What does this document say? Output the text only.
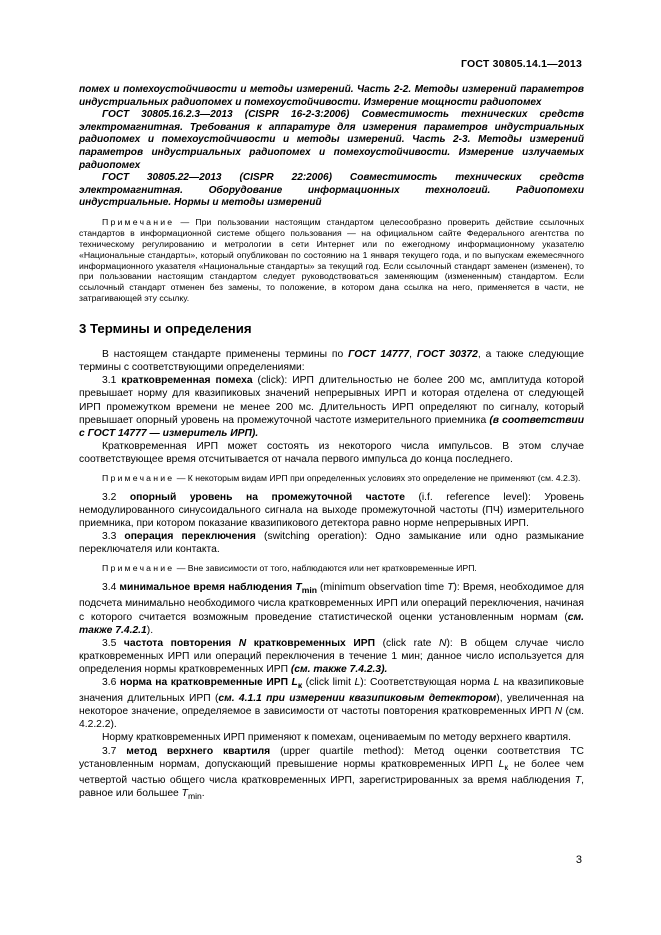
ГОСТ 30805.14.1—2013

помех и помехоустойчивости и методы измерений. Часть 2-2. Методы измерений параметров индустриальных радиопомех и помехоустойчивости. Измерение мощности радиопомех

ГОСТ 30805.16.2.3—2013 (CISPR 16-2-3:2006) Совместимость технических средств электромагнитная. Требования к аппаратуре для измерения параметров индустриальных радиопомех и помехоустойчивости и методы измерений. Часть 2-3. Методы измерений параметров индустриальных радиопомех и помехоустойчивости. Измерение излучаемых радиопомех

ГОСТ 30805.22—2013 (CISPR 22:2006) Совместимость технических средств электромагнитная. Оборудование информационных технологий. Радиопомехи индустриальные. Нормы и методы измерений

Примечание — При пользовании настоящим стандартом целесообразно проверить действие ссылочных стандартов в информационной системе общего пользования — на официальном сайте Федерального агентства по техническому регулированию и метрологии в сети Интернет или по ежегодному информационному указателю «Национальные стандарты», который опубликован по состоянию на 1 января текущего года, и по выпускам ежемесячного информационного указателя «Национальные стандарты» за текущий год. Если ссылочный стандарт заменен (изменен), то при пользовании настоящим стандартом следует руководствоваться заменяющим (измененным) стандартом. Если ссылочный стандарт отменен без замены, то положение, в котором дана ссылка на него, применяется в части, не затрагивающей эту ссылку.

3 Термины и определения

В настоящем стандарте применены термины по ГОСТ 14777, ГОСТ 30372, а также следующие термины с соответствующими определениями:

3.1 кратковременная помеха (click): ИРП длительностью не более 200 мс, амплитуда которой превышает норму для квазипиковых значений непрерывных ИРП и которая отделена от следующей ИРП промежутком времени не менее 200 мс. Длительность ИРП определяют по сигналу, который превышает опорный уровень на промежуточной частоте измерительного приемника (в соответствии с ГОСТ 14777 — измеритель ИРП).

Кратковременная ИРП может состоять из некоторого числа импульсов. В этом случае соответствующее время отсчитывается от начала первого импульса до конца последнего.

Примечание — К некоторым видам ИРП при определенных условиях это определение не применяют (см. 4.2.3).

3.2 опорный уровень на промежуточной частоте (i.f. reference level): Уровень немодулированного синусоидального сигнала на выходе промежуточной частоты (ПЧ) измерительного приемника, при котором показание квазипикового детектора равно норме непрерывных ИРП.

3.3 операция переключения (switching operation): Одно замыкание или одно размыкание переключателя или контакта.

Примечание — Вне зависимости от того, наблюдаются или нет кратковременные ИРП.

3.4 минимальное время наблюдения $T_{min}$ (minimum observation time T): Время, необходимое для подсчета минимально необходимого числа кратковременных ИРП или операций переключения, начиная с которого считается возможным проведение статистической оценки установленным нормам (см. также 7.4.2.1).

3.5 частота повторения N кратковременных ИРП (click rate N): В общем случае число кратковременных ИРП или операций переключения в течение 1 мин; данное число используется для определения нормы кратковременных ИРП (см. также 7.4.2.3).

3.6 норма на кратковременные ИРП $L_к$ (click limit L): Соответствующая норма L на квазипиковые значения длительных ИРП (см. 4.1.1 при измерении квазипиковым детектором), увеличенная на некоторое значение, определяемое в зависимости от частоты повторения кратковременных ИРП N (см. 4.2.2.2).

Норму кратковременных ИРП применяют к помехам, оцениваемым по методу верхнего квартиля.

3.7 метод верхнего квартиля (upper quartile method): Метод оценки соответствия ТС установленным нормам, допускающий превышение нормы кратковременных ИРП $L_к$ не более чем четвертой частью общего числа кратковременных ИРП, зарегистрированных за время наблюдения T, равное или большее $T_{min}$.

3
